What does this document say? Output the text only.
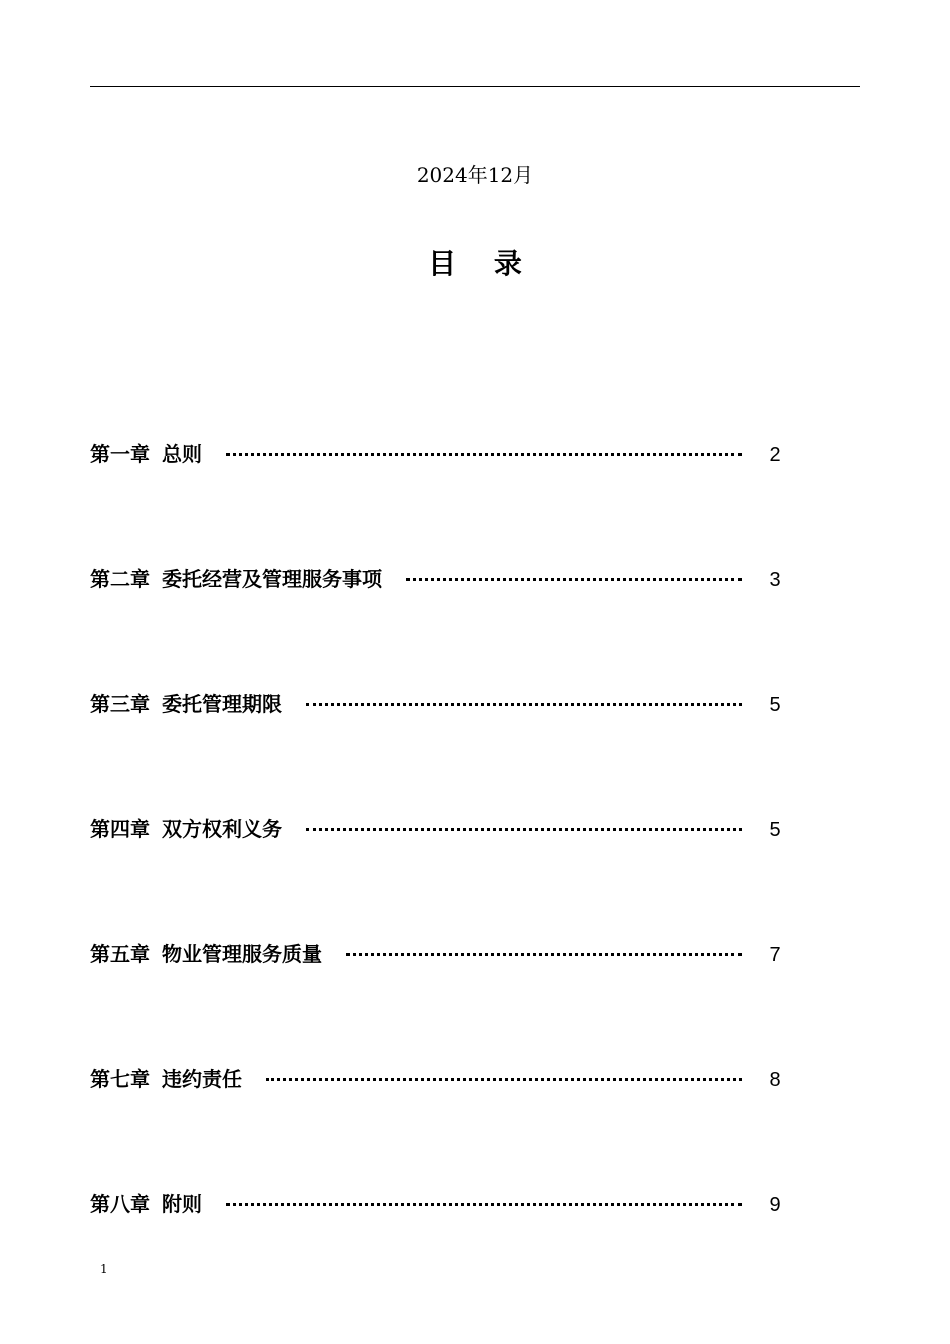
2024年12月
目 录
第一章 总则	2
第二章 委托经营及管理服务事项	3
第三章 委托管理期限	5
第四章 双方权利义务	5
第五章 物业管理服务质量	7
第七章 违约责任	8
第八章 附则	9
1
